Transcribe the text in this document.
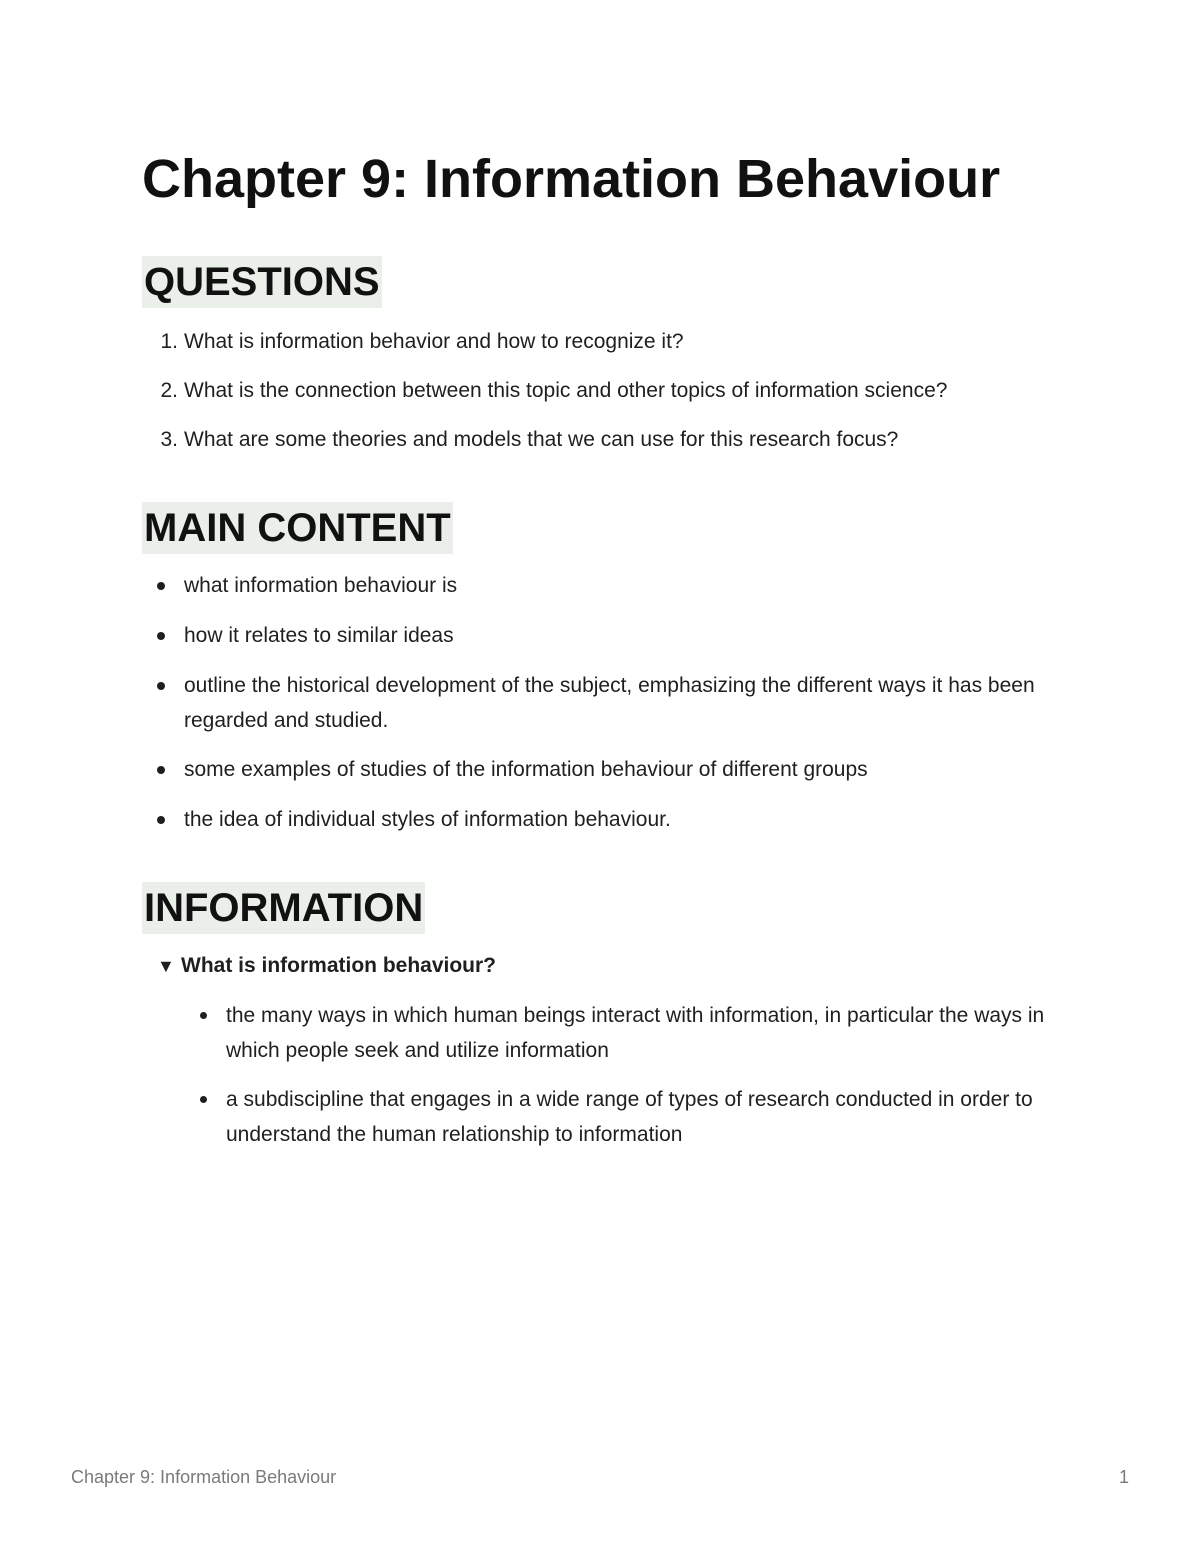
Chapter 9: Information Behaviour
QUESTIONS
1. What is information behavior and how to recognize it?
2. What is the connection between this topic and other topics of information science?
3. What are some theories and models that we can use for this research focus?
MAIN CONTENT
what information behaviour is
how it relates to similar ideas
outline the historical development of the subject, emphasizing the different ways it has been regarded and studied.
some examples of studies of the information behaviour of different groups
the idea of individual styles of information behaviour.
INFORMATION
▼ What is information behaviour?
the many ways in which human beings interact with information, in particular the ways in which people seek and utilize information
a subdiscipline that engages in a wide range of types of research conducted in order to understand the human relationship to information
Chapter 9: Information Behaviour	1
